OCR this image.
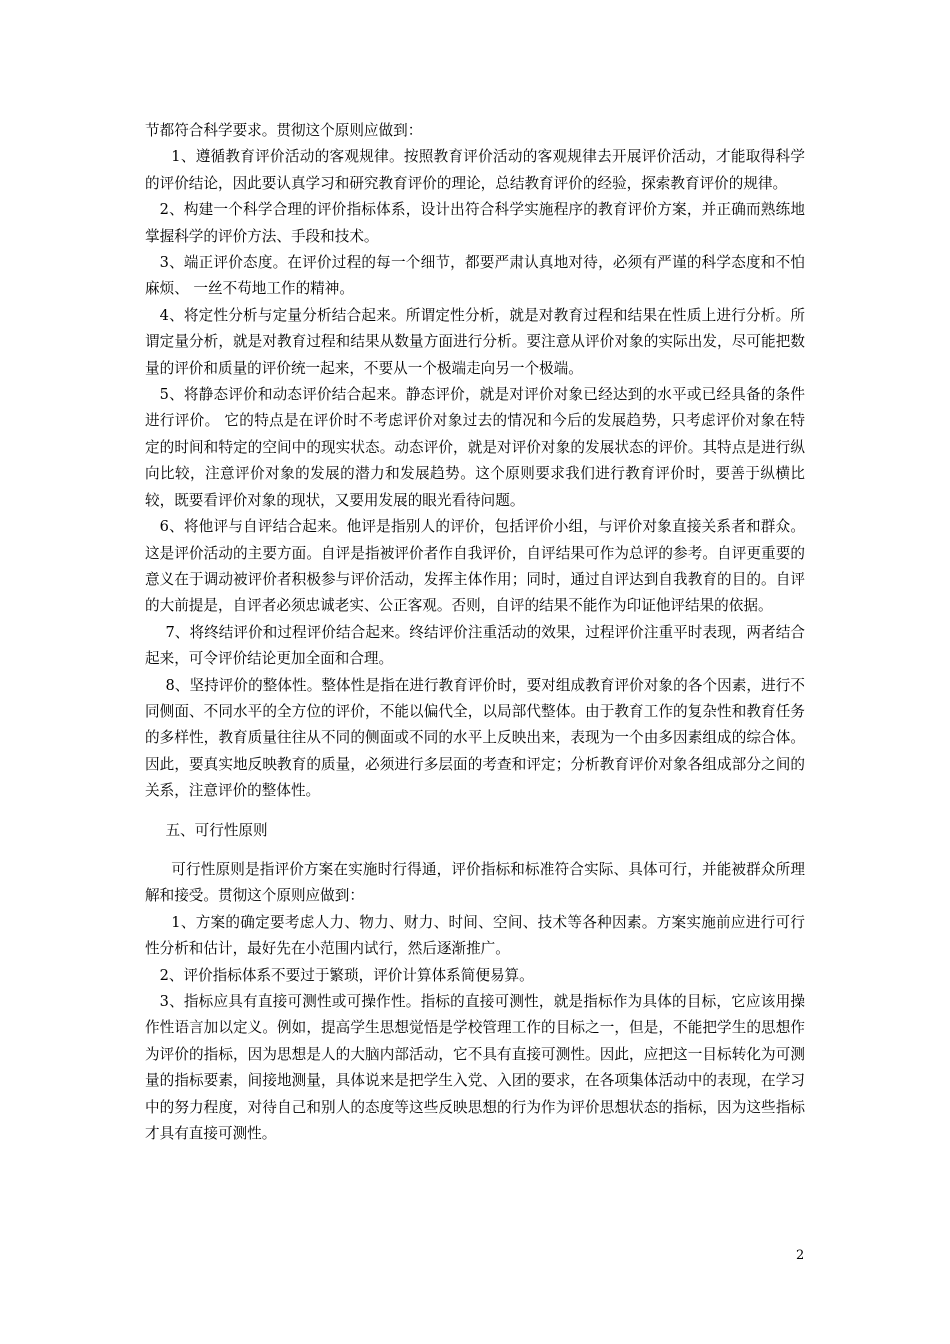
节都符合科学要求。贯彻这个原则应做到：

1、遵循教育评价活动的客观规律。按照教育评价活动的客观规律去开展评价活动，才能取得科学的评价结论，因此要认真学习和研究教育评价的理论，总结教育评价的经验，探索教育评价的规律。

2、构建一个科学合理的评价指标体系，设计出符合科学实施程序的教育评价方案，并正确而熟练地掌握科学的评价方法、手段和技术。

3、端正评价态度。在评价过程的每一个细节，都要严肃认真地对待，必须有严谨的科学态度和不怕麻烦、 一丝不苟地工作的精神。

4、将定性分析与定量分析结合起来。所谓定性分析，就是对教育过程和结果在性质上进行分析。所谓定量分析，就是对教育过程和结果从数量方面进行分析。要注意从评价对象的实际出发，尽可能把数量的评价和质量的评价统一起来，不要从一个极端走向另一个极端。

5、将静态评价和动态评价结合起来。静态评价，就是对评价对象已经达到的水平或已经具备的条件进行评价。 它的特点是在评价时不考虑评价对象过去的情况和今后的发展趋势，只考虑评价对象在特定的时间和特定的空间中的现实状态。动态评价，就是对评价对象的发展状态的评价。其特点是进行纵向比较，注意评价对象的发展的潜力和发展趋势。这个原则要求我们进行教育评价时，要善于纵横比较，既要看评价对象的现状，又要用发展的眼光看待问题。

6、将他评与自评结合起来。他评是指别人的评价，包括评价小组，与评价对象直接关系者和群众。这是评价活动的主要方面。自评是指被评价者作自我评价，自评结果可作为总评的参考。自评更重要的意义在于调动被评价者积极参与评价活动，发挥主体作用；同时，通过自评达到自我教育的目的。自评的大前提是，自评者必须忠诚老实、公正客观。否则，自评的结果不能作为印证他评结果的依据。

7、将终结评价和过程评价结合起来。终结评价注重活动的效果，过程评价注重平时表现，两者结合起来，可令评价结论更加全面和合理。

8、坚持评价的整体性。整体性是指在进行教育评价时，要对组成教育评价对象的各个因素，进行不同侧面、不同水平的全方位的评价，不能以偏代全，以局部代整体。由于教育工作的复杂性和教育任务的多样性，教育质量往往从不同的侧面或不同的水平上反映出来，表现为一个由多因素组成的综合体。因此，要真实地反映教育的质量，必须进行多层面的考查和评定；分析教育评价对象各组成部分之间的关系，注意评价的整体性。

五、可行性原则

可行性原则是指评价方案在实施时行得通，评价指标和标准符合实际、具体可行，并能被群众所理解和接受。贯彻这个原则应做到：

1、方案的确定要考虑人力、物力、财力、时间、空间、技术等各种因素。方案实施前应进行可行性分析和估计，最好先在小范围内试行，然后逐渐推广。

2、评价指标体系不要过于繁琐，评价计算体系简便易算。

3、指标应具有直接可测性或可操作性。指标的直接可测性，就是指标作为具体的目标，它应该用操作性语言加以定义。例如，提高学生思想觉悟是学校管理工作的目标之一，但是，不能把学生的思想作为评价的指标，因为思想是人的大脑内部活动，它不具有直接可测性。因此，应把这一目标转化为可测量的指标要素，间接地测量，具体说来是把学生入党、入团的要求，在各项集体活动中的表现，在学习中的努力程度，对待自己和别人的态度等这些反映思想的行为作为评价思想状态的指标，因为这些指标才具有直接可测性。

2
